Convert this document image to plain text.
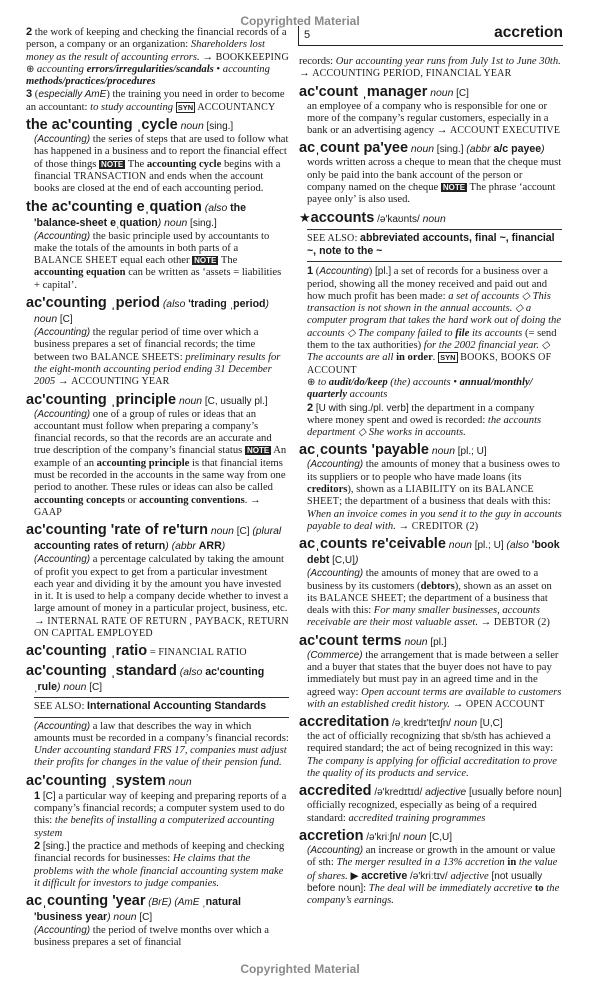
Copyrighted Material
5	accretion
2 the work of keeping and checking the financial records of a person, a company or an organization: Shareholders lost money as the result of accounting errors. → BOOKKEEPING
⊕ accounting errors/irregularities/scandals • accounting methods/practices/procedures
3 (especially AmE) the training you need in order to become an accountant: to study accounting SYN ACCOUNTANCY
the ac'counting ˌcycle noun [sing.]
(Accounting) the series of steps that are used to follow what has happened in a business and to report the financial effect of those things NOTE The accounting cycle begins with a financial TRANSACTION and ends when the account books are closed at the end of each accounting period.
the ac'counting eˌquation (also the 'balance-sheet eˌquation) noun [sing.]
(Accounting) the basic principle used by accountants to make the totals of the amounts in both parts of a BALANCE SHEET equal each other NOTE The accounting equation can be written as ‘assets = liabilities + capital’.
ac'counting ˌperiod (also 'trading ˌperiod) noun [C]
(Accounting) the regular period of time over which a business prepares a set of financial records; the time between two BALANCE SHEETS: preliminary results for the eight-month accounting period ending 31 December 2005 → ACCOUNTING YEAR
ac'counting ˌprinciple noun [C, usually pl.]
(Accounting) one of a group of rules or ideas that an accountant must follow when preparing a company’s financial records, so that the records are an accurate and true description of the company’s financial status NOTE An example of an accounting principle is that financial items must be recorded in the accounts in the same way from one period to another. These rules or ideas can also be called accounting concepts or accounting conventions. → GAAP
ac'counting 'rate of re'turn noun [C] (plural accounting rates of return) (abbr ARR)
(Accounting) a percentage calculated by taking the amount of profit you expect to get from a particular investment each year and dividing it by the amount you have invested in it. It is used to help a company decide whether to invest a large amount of money in a particular project, business, etc. → INTERNAL RATE OF RETURN , PAYBACK, RETURN ON CAPITAL EMPLOYED
ac'counting ˌratio = FINANCIAL RATIO
ac'counting ˌstandard (also ac'counting ˌrule) noun [C]
SEE ALSO: International Accounting Standards
(Accounting) a law that describes the way in which amounts must be recorded in a company’s financial records: Under accounting standard FRS 17, companies must adjust their profits for changes in the value of their pension fund.
ac'counting ˌsystem noun
1 [C] a particular way of keeping and preparing reports of a company’s financial records; a computer system used to do this: the benefits of installing a computerized accounting system
2 [sing.] the practice and methods of keeping and checking financial records for businesses: He claims that the problems with the whole financial accounting system make it difficult for investors to judge companies.
acˌcounting 'year (BrE) (AmE ˌnatural 'business year) noun [C]
(Accounting) the period of twelve months over which a business prepares a set of financial
records: Our accounting year runs from July 1st to June 30th. → ACCOUNTING PERIOD, FINANCIAL YEAR
ac'count ˌmanager noun [C]
an employee of a company who is responsible for one or more of the company’s regular customers, especially in a bank or an advertising agency → ACCOUNT EXECUTIVE
acˌcount pa'yee noun [sing.] (abbr a/c payee)
words written across a cheque to mean that the cheque must only be paid into the bank account of the person or company named on the cheque NOTE The phrase ‘account payee only’ is also used.
★accounts /ə'kaʊnts/ noun
SEE ALSO: abbreviated accounts, final ~, financial ~, note to the ~
1 (Accounting) [pl.] a set of records for a business over a period, showing all the money received and paid out and how much profit has been made: a set of accounts ◇ This transaction is not shown in the annual accounts. ◇ a computer program that takes the hard work out of doing the accounts ◇ The company failed to file its accounts (= send them to the tax authorities) for the 2002 financial year. ◇ The accounts are all in order. SYN BOOKS, BOOKS OF ACCOUNT
⊕ to audit/do/keep (the) accounts • annual/monthly/ quarterly accounts
2 [U with sing./pl. verb] the department in a company where money spent and owed is recorded: the accounts department ◇ She works in accounts.
acˌcounts 'payable noun [pl.; U]
(Accounting) the amounts of money that a business owes to its suppliers or to people who have made loans (its creditors), shown as a LIABILITY on its BALANCE SHEET; the department of a business that deals with this: When an invoice comes in you send it to the guy in accounts payable to deal with. → CREDITOR (2)
acˌcounts re'ceivable noun [pl.; U] (also 'book debt [C,U])
(Accounting) the amounts of money that are owed to a business by its customers (debtors), shown as an asset on its BALANCE SHEET; the department of a business that deals with this: For many smaller businesses, accounts receivable are their most valuable asset. → DEBTOR (2)
ac'count terms noun [pl.]
(Commerce) the arrangement that is made between a seller and a buyer that states that the buyer does not have to pay immediately but must pay in an agreed time and in the agreed way: Open account terms are available to customers with an established credit history. → OPEN ACCOUNT
accreditation /əˌkredɪ'teɪʃn/ noun [U,C]
the act of officially recognizing that sb/sth has achieved a required standard; the act of being recognized in this way: The company is applying for official accreditation to prove the quality of its products and service.
accredited /ə'kredɪtɪd/ adjective [usually before noun]
officially recognized, especially as being of a required standard: accredited training programmes
accretion /ə'kriːʃn/ noun [C,U]
(Accounting) an increase or growth in the amount or value of sth: The merger resulted in a 13% accretion in the value of shares. ▶ accretive /ə'kriːtɪv/ adjective [not usually before noun]: The deal will be immediately accretive to the company’s earnings.
Copyrighted Material
